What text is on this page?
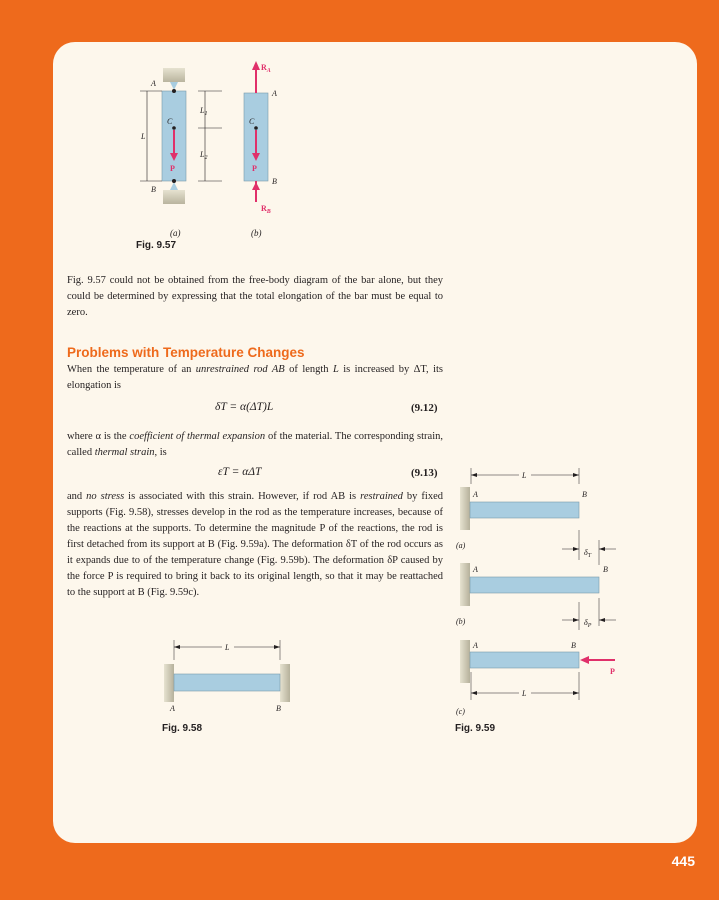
A
B
C
L
$L_1$
$L_2$
P
A
B
C
P
$R_A$
$R_B$
L
A	B
L
A	B
(a)
$\delta_T$
A	B
(b)	$\delta_P$
A	B
P
L
(c)
(a)	(b)
Fig. 9.57
Fig. 9.57 could not be obtained from the free-body diagram of the bar alone, but they could be determined by expressing that the total elongation of the bar must be equal to zero.
Problems with Temperature Changes
When the temperature of an unrestrained rod AB of length L is increased by ΔT, its elongation is
δT = α(ΔT)L	(9.12)
where α is the coefficient of thermal expansion of the material. The corresponding strain, called thermal strain, is
εT = αΔT	(9.13)
and no stress is associated with this strain. However, if rod AB is restrained by fixed supports (Fig. 9.58), stresses develop in the rod as the temperature increases, because of the reactions at the supports. To determine the magnitude P of the reactions, the rod is first detached from its support at B (Fig. 9.59a). The deformation δT of the rod occurs as it expands due to of the temperature change (Fig. 9.59b). The deformation δP caused by the force P is required to bring it back to its original length, so that it may be reattached to the support at B (Fig. 9.59c).
Fig. 9.58	Fig. 9.59
445
